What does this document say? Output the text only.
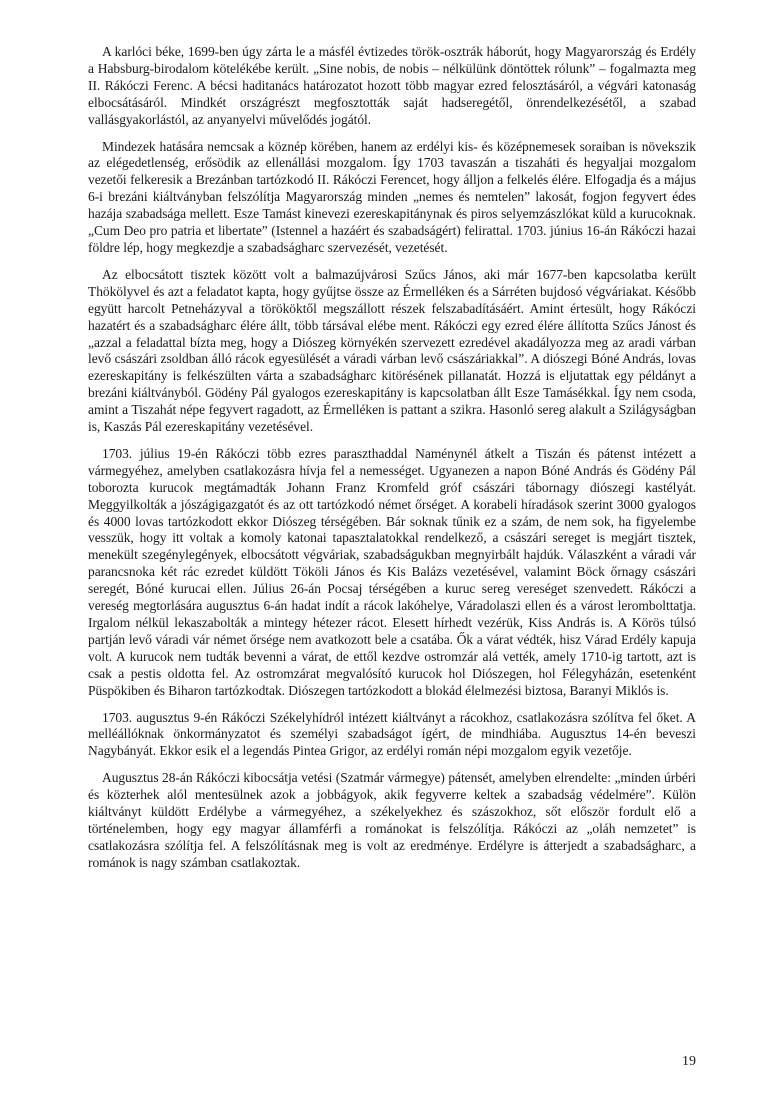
A karlóci béke, 1699-ben úgy zárta le a másfél évtizedes török-osztrák háborút, hogy Magyarország és Erdély a Habsburg-birodalom kötelékébe került. „Sine nobis, de nobis – nélkülünk döntöttek rólunk” – fogalmazta meg II. Rákóczi Ferenc. A bécsi haditanács határozatot hozott több magyar ezred felosztásáról, a végvári katonaság elbocsátásáról. Mindkét országrészt megfosztották saját hadseregétől, önrendelkezésétől, a szabad vallásgyakorlástól, az anyanyelvi művelődés jogától.

Mindezek hatására nemcsak a köznép körében, hanem az erdélyi kis- és középnemesek soraiban is növekszik az elégedetlenség, erősödik az ellenállási mozgalom. Így 1703 tavaszán a tiszaháti és hegyaljai mozgalom vezetői felkeresik a Brezánban tartózkodó II. Rákóczi Ferencet, hogy álljon a felkelés élére. Elfogadja és a május 6-i brezáni kiáltványban felszólítja Magyarország minden „nemes és nemtelen” lakosát, fogjon fegyvert édes hazája szabadsága mellett. Esze Tamást kinevezi ezereskapitánynak és piros selyemzászlókat küld a kurucoknak. „Cum Deo pro patria et libertate” (Istennel a hazáért és szabadságért) felirattal. 1703. június 16-án Rákóczi hazai földre lép, hogy megkezdje a szabadságharc szervezését, vezetését.

Az elbocsátott tisztek között volt a balmazújvárosi Szűcs János, aki már 1677-ben kapcsolatba került Thökölyvel és azt a feladatot kapta, hogy gyűjtse össze az Érmelléken és a Sárréten bujdosó végváriakat. Később együtt harcolt Petneházyval a törököktől megszállott részek felszabadításáért. Amint értesült, hogy Rákóczi hazatért és a szabadságharc élére állt, több társával elébe ment. Rákóczi egy ezred élére állította Szűcs Jánost és „azzal a feladattal bízta meg, hogy a Diószeg környékén szervezett ezredével akadályozza meg az aradi várban levő császári zsoldban álló rácok egyesülését a váradi várban levő császáriakkal”. A diószegi Bóné András, lovas ezereskapitány is felkészülten várta a szabadságharc kitörésének pillanatát. Hozzá is eljutattak egy példányt a brezáni kiáltványból. Gödény Pál gyalogos ezereskapitány is kapcsolatban állt Esze Tamásékkal. Így nem csoda, amint a Tiszahát népe fegyvert ragadott, az Érmelléken is pattant a szikra. Hasonló sereg alakult a Szilágyságban is, Kaszás Pál ezereskapitány vezetésével.

1703. július 19-én Rákóczi több ezres paraszthaddal Naménynél átkelt a Tiszán és pátenst intézett a vármegyéhez, amelyben csatlakozásra hívja fel a nemességet. Ugyanezen a napon Bóné András és Gödény Pál toborozta kurucok megtámadták Johann Franz Kromfeld gróf császári tábornagy diószegi kastélyát. Meggyilkolták a jószágigazgatót és az ott tartózkodó német őrséget. A korabeli híradások szerint 3000 gyalogos és 4000 lovas tartózkodott ekkor Diószeg térségében. Bár soknak tűnik ez a szám, de nem sok, ha figyelembe vesszük, hogy itt voltak a komoly katonai tapasztalatokkal rendelkező, a császári sereget is megjárt tisztek, menekült szegénylegények, elbocsátott végváriak, szabadságukban megnyirbált hajdúk. Válaszként a váradi vár parancsnoka két rác ezredet küldött Tököli János és Kis Balázs vezetésével, valamint Böck őrnagy császári seregét, Bóné kurucai ellen. Július 26-án Pocsaj térségében a kuruc sereg vereséget szenvedett. Rákóczi a vereség megtorlására augusztus 6-án hadat indít a rácok lakóhelye, Váradolaszi ellen és a várost lerombolttatja. Irgalom nélkül lekaszabolták a mintegy hétezer rácot. Elesett hírhedt vezérük, Kiss András is. A Körös túlsó partján levő váradi vár német őrsége nem avatkozott bele a csatába. Ők a várat védték, hisz Várad Erdély kapuja volt. A kurucok nem tudták bevenni a várat, de ettől kezdve ostromzár alá vették, amely 1710-ig tartott, azt is csak a pestis oldotta fel. Az ostromzárat megvalósító kurucok hol Diószegen, hol Félegyházán, esetenként Püspökiben és Biharon tartózkodtak. Diószegen tartózkodott a blokád élelmezési biztosa, Baranyi Miklós is.

1703. augusztus 9-én Rákóczi Székelyhídról intézett kiáltványt a rácokhoz, csatlakozásra szólítva fel őket. A melléállóknak önkormányzatot és személyi szabadságot ígért, de mindhiába. Augusztus 14-én beveszi Nagybányát. Ekkor esik el a legendás Pintea Grigor, az erdélyi román népi mozgalom egyik vezetője.

Augusztus 28-án Rákóczi kibocsátja vetési (Szatmár vármegye) pátensét, amelyben elrendelte: „minden úrbéri és közterhek alól mentesülnek azok a jobbágyok, akik fegyverre keltek a szabadság védelmére”. Külön kiáltványt küldött Erdélybe a vármegyéhez, a székelyekhez és szászokhoz, sőt először fordult elő a történelemben, hogy egy magyar államférfi a románokat is felszólítja. Rákóczi az „oláh nemzetet” is csatlakozásra szólítja fel. A felszólításnak meg is volt az eredménye. Erdélyre is átterjedt a szabadságharc, a románok is nagy számban csatlakoztak.

19
